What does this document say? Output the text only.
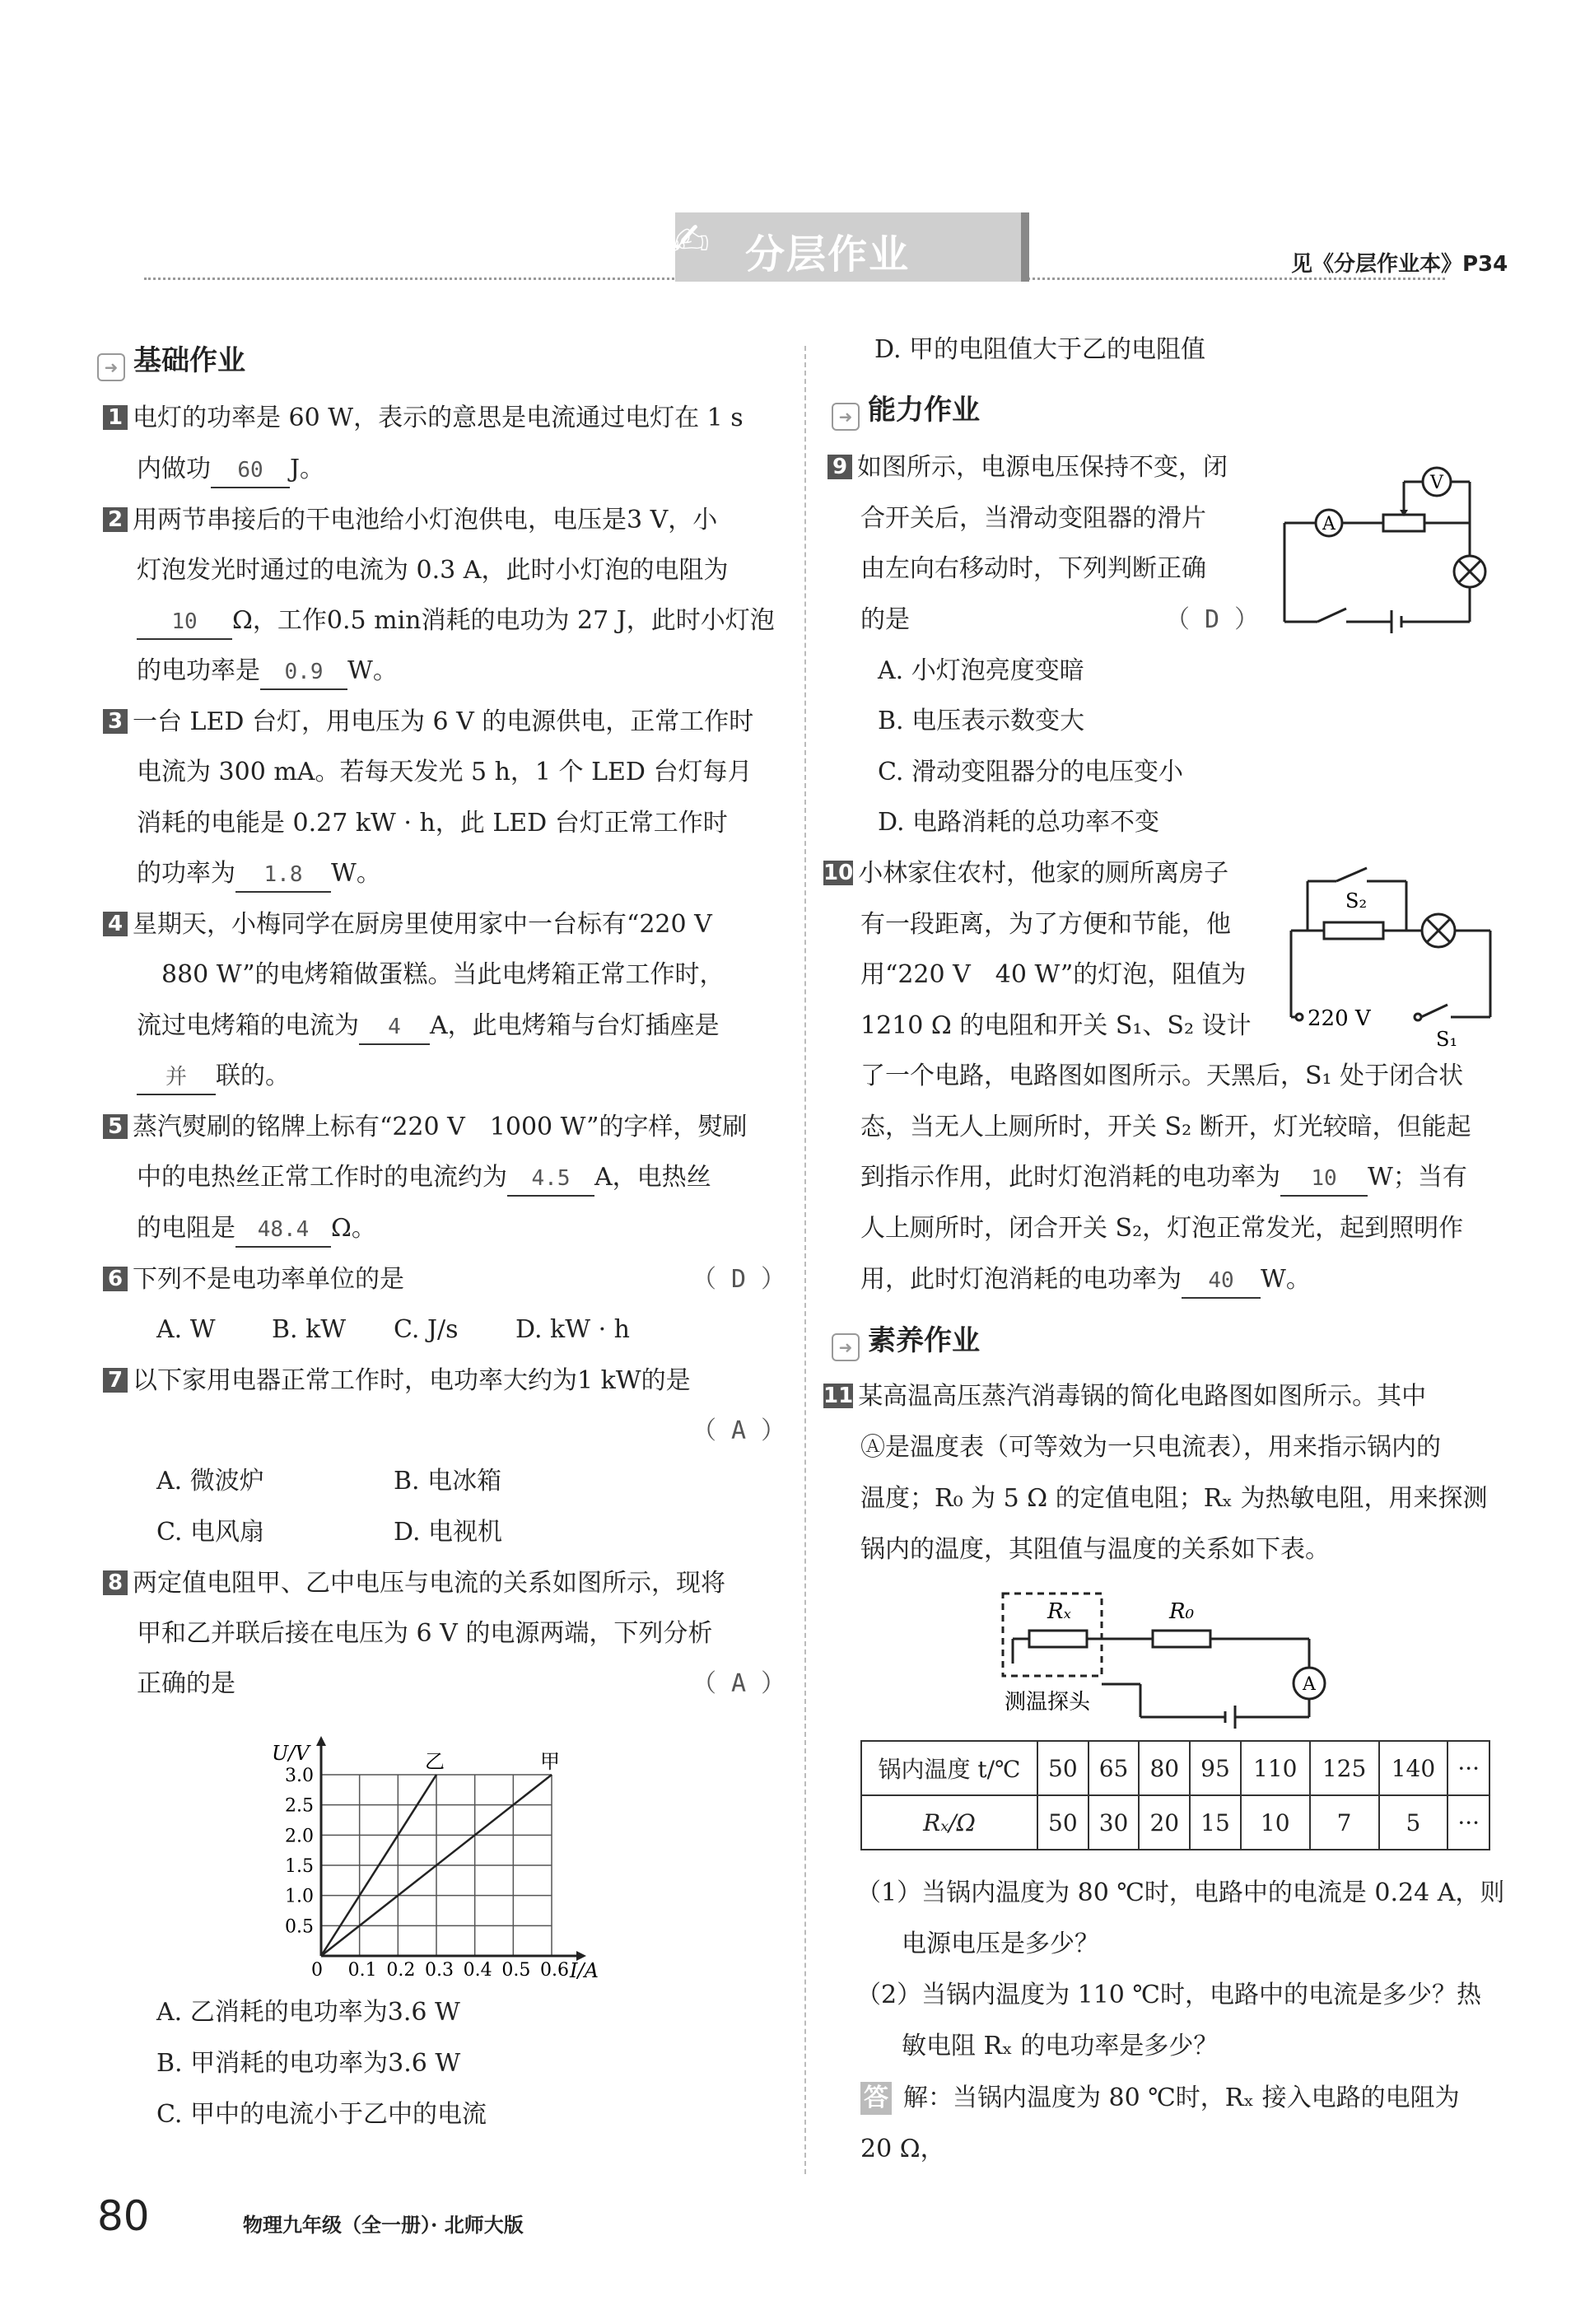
✍ 分层作业	见《分层作业本》P34
➜ 基础作业
1 电灯的功率是 60 W，表示的意思是电流通过电灯在 1 s
内做功 60 J。
2 用两节串接后的干电池给小灯泡供电，电压是3 V，小
灯泡发光时通过的电流为 0.3 A，此时小灯泡的电阻为
10 Ω，工作0.5 min消耗的电功为 27 J，此时小灯泡
的电功率是 0.9 W。
3 一台 LED 台灯，用电压为 6 V 的电源供电，正常工作时
电流为 300 mA。若每天发光 5 h，1 个 LED 台灯每月
消耗的电能是 0.27 kW · h，此 LED 台灯正常工作时
的功率为 1.8 W。
4 星期天，小梅同学在厨房里使用家中一台标有“220 V
880 W”的电烤箱做蛋糕。当此电烤箱正常工作时，
流过电烤箱的电流为 4 A，此电烤箱与台灯插座是
并 联的。
5 蒸汽熨刷的铭牌上标有“220 V　1000 W”的字样，熨刷
中的电热丝正常工作时的电流约为 4.5 A，电热丝
的电阻是 48.4 Ω。
6 下列不是电功率单位的是	（ D ）
A. W B. kW C. J/s D. kW · h
7 以下家用电器正常工作时，电功率大约为1 kW的是
（ A ）
A. 微波炉	B. 电冰箱
C. 电风扇	D. 电视机
8 两定值电阻甲、乙中电压与电流的关系如图所示，现将
甲和乙并联后接在电压为 6 V 的电源两端，下列分析
正确的是	（ A ）
0.1 0.2 0.3 0.4 0.5 0.6
0.5
1.0
1.5
2.0
2.5
3.0
0	I/A
U/V	乙	甲
A. 乙消耗的电功率为3.6 W
B. 甲消耗的电功率为3.6 W
C. 甲中的电流小于乙中的电流
D. 甲的电阻值大于乙的电阻值
➜ 能力作业
9 如图所示，电源电压保持不变，闭
合开关后，当滑动变阻器的滑片
由左向右移动时，下列判断正确
的是	（ D ）
A
V
A. 小灯泡亮度变暗
B. 电压表示数变大
C. 滑动变阻器分的电压变小
D. 电路消耗的总功率不变
10 小林家住农村，他家的厕所离房子
有一段距离，为了方便和节能，他
用“220 V　40 W”的灯泡，阻值为
1210 Ω 的电阻和开关 S₁、S₂ 设计
S₂
220 V
S₁
了一个电路，电路图如图所示。天黑后，S₁ 处于闭合状
态，当无人上厕所时，开关 S₂ 断开，灯光较暗，但能起
到指示作用，此时灯泡消耗的电功率为 10 W；当有
人上厕所时，闭合开关 S₂，灯泡正常发光，起到照明作
用，此时灯泡消耗的电功率为 40 W。
➜ 素养作业
11 某高温高压蒸汽消毒锅的简化电路图如图所示。其中
Ⓐ是温度表（可等效为一只电流表），用来指示锅内的
温度；R₀ 为 5 Ω 的定值电阻；Rₓ 为热敏电阻，用来探测
锅内的温度，其阻值与温度的关系如下表。
Rₓ	R₀
A
测温探头
锅内温度 t/℃	50	65	80	95	110	125	140	···
Rₓ/Ω	50	30	20	15	10	7	5	···
（1）当锅内温度为 80 ℃时，电路中的电流是 0.24 A，则
电源电压是多少？
（2）当锅内温度为 110 ℃时，电路中的电流是多少？热
敏电阻 Rₓ 的电功率是多少？
答 解：当锅内温度为 80 ℃时，Rₓ 接入电路的电阻为
20 Ω，
80	物理九年级（全一册）· 北师大版
